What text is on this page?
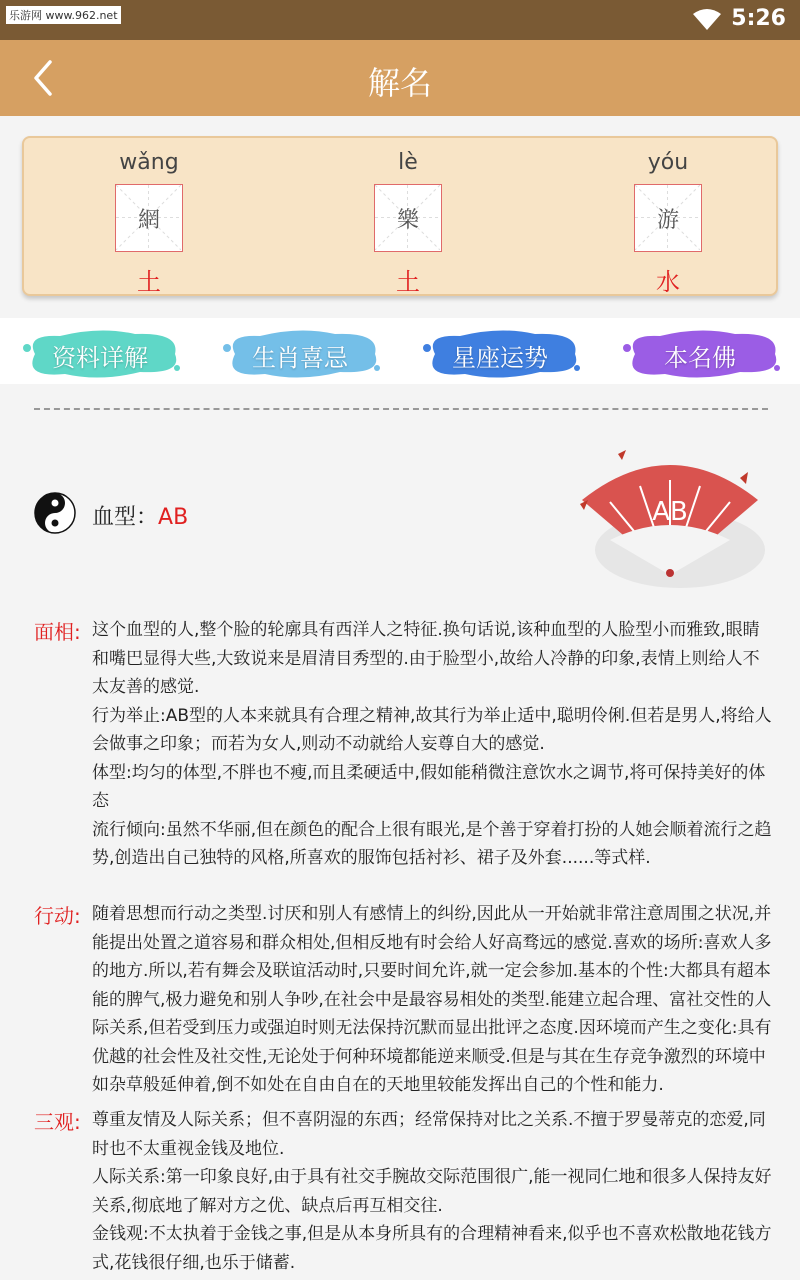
乐游网 www.962.net	5:26
解名
wǎng
網
土
lè
樂
土
yóu
游
水
资料详解	生肖喜忌	星座运势	本名佛
血型：AB	AB
面相: 这个血型的人,整个脸的轮廓具有西洋人之特征.换句话说,该种血型的人脸型小而雅致,眼睛和嘴巴显得大些,大致说来是眉清目秀型的.由于脸型小,故给人冷静的印象,表情上则给人不太友善的感觉.

行为举止:AB型的人本来就具有合理之精神,故其行为举止适中,聪明伶俐.但若是男人,将给人会做事之印象；而若为女人,则动不动就给人妄尊自大的感觉.

体型:均匀的体型,不胖也不瘦,而且柔硬适中,假如能稍微注意饮水之调节,将可保持美好的体态

流行倾向:虽然不华丽,但在颜色的配合上很有眼光,是个善于穿着打扮的人她会顺着流行之趋势,创造出自己独特的风格,所喜欢的服饰包括衬衫、裙子及外套......等式样.

行动: 随着思想而行动之类型.讨厌和别人有感情上的纠纷,因此从一开始就非常注意周围之状况,并能提出处置之道容易和群众相处,但相反地有时会给人好高骛远的感觉.喜欢的场所:喜欢人多的地方.所以,若有舞会及联谊活动时,只要时间允许,就一定会参加.基本的个性:大都具有超本能的脾气,极力避免和别人争吵,在社会中是最容易相处的类型.能建立起合理、富社交性的人际关系,但若受到压力或强迫时则无法保持沉默而显出批评之态度.因环境而产生之变化:具有优越的社会性及社交性,无论处于何种环境都能逆来顺受.但是与其在生存竞争激烈的环境中如杂草般延伸着,倒不如处在自由自在的天地里较能发挥出自己的个性和能力.

三观: 尊重友情及人际关系；但不喜阴湿的东西；经常保持对比之关系.不擅于罗曼蒂克的恋爱,同时也不太重视金钱及地位.

人际关系:第一印象良好,由于具有社交手腕故交际范围很广,能一视同仁地和很多人保持友好关系,彻底地了解对方之优、缺点后再互相交往.

金钱观:不太执着于金钱之事,但是从本身所具有的合理精神看来,似乎也不喜欢松散地花钱方式,花钱很仔细,也乐于储蓄.
